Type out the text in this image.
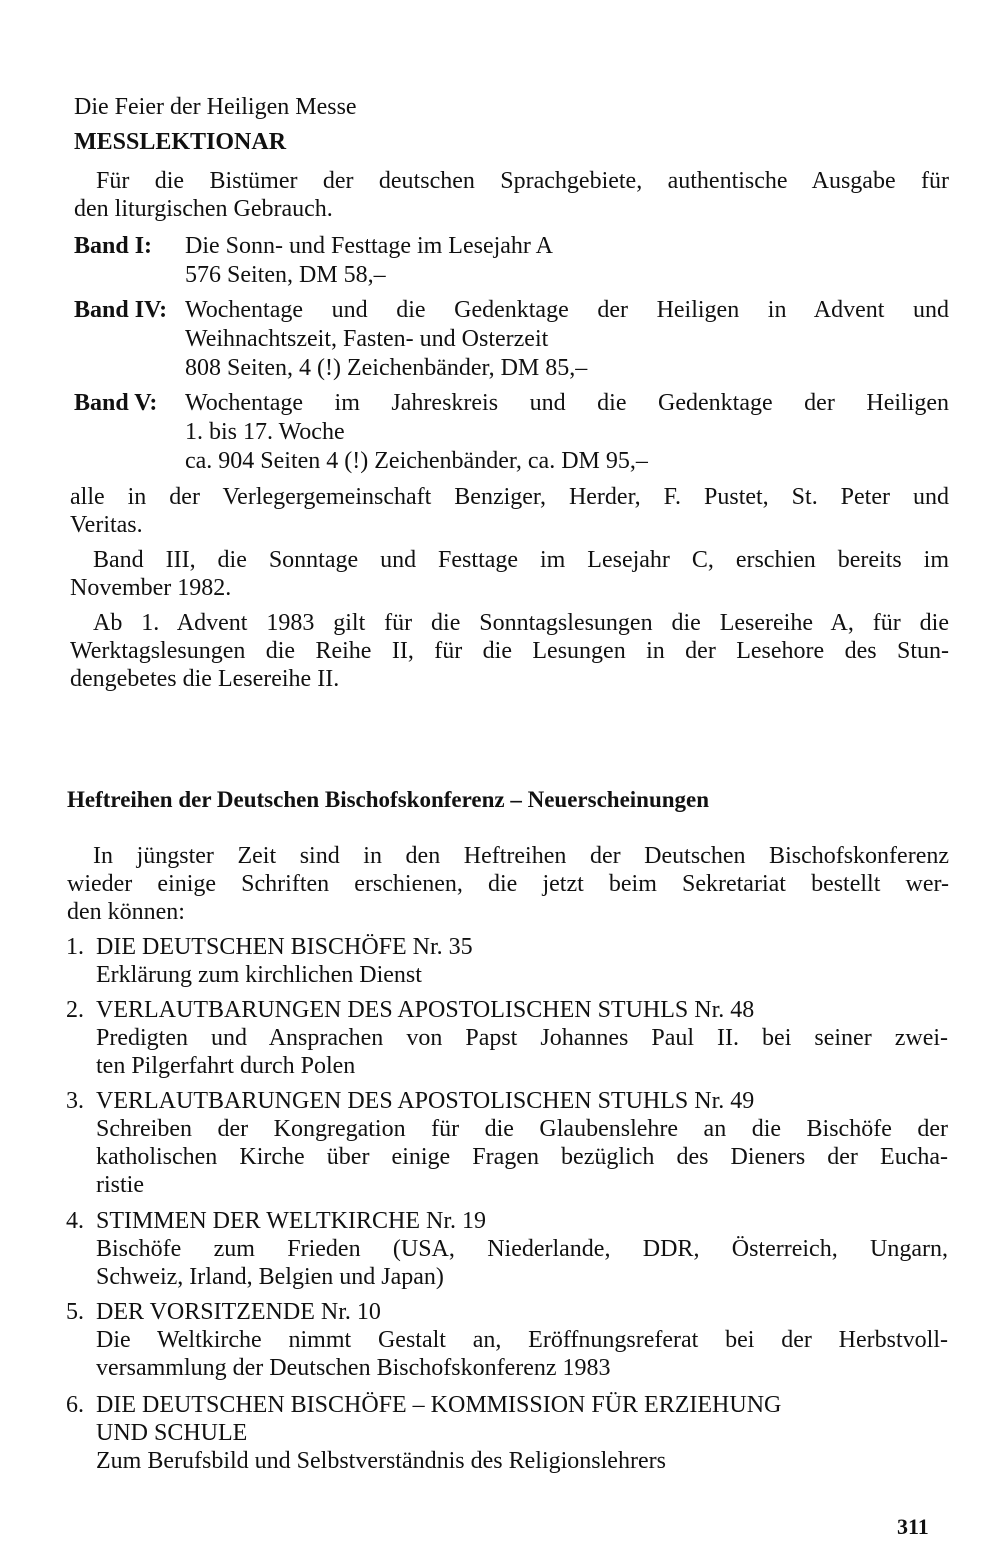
Die Feier der Heiligen Messe
MESSLEKTIONAR
Für die Bistümer der deutschen Sprachgebiete, authentische Ausgabe für
den liturgischen Gebrauch.
Band I: Die Sonn- und Festtage im Lesejahr A
576 Seiten, DM 58,–
Band IV: Wochentage und die Gedenktage der Heiligen in Advent und
Weihnachtszeit, Fasten- und Osterzeit
808 Seiten, 4 (!) Zeichenbänder, DM 85,–
Band V: Wochentage im Jahreskreis und die Gedenktage der Heiligen
1. bis 17. Woche
ca. 904 Seiten 4 (!) Zeichenbänder, ca. DM 95,–
alle in der Verlegergemeinschaft Benziger, Herder, F. Pustet, St. Peter und
Veritas.
Band III, die Sonntage und Festtage im Lesejahr C, erschien bereits im
November 1982.
Ab 1. Advent 1983 gilt für die Sonntagslesungen die Lesereihe A, für die
Werktagslesungen die Reihe II, für die Lesungen in der Lesehore des Stun-
dengebetes die Lesereihe II.
Heftreihen der Deutschen Bischofskonferenz – Neuerscheinungen
In jüngster Zeit sind in den Heftreihen der Deutschen Bischofskonferenz
wieder einige Schriften erschienen, die jetzt beim Sekretariat bestellt wer-
den können:
1. DIE DEUTSCHEN BISCHÖFE Nr. 35
Erklärung zum kirchlichen Dienst
2. VERLAUTBARUNGEN DES APOSTOLISCHEN STUHLS Nr. 48
Predigten und Ansprachen von Papst Johannes Paul II. bei seiner zwei-
ten Pilgerfahrt durch Polen
3. VERLAUTBARUNGEN DES APOSTOLISCHEN STUHLS Nr. 49
Schreiben der Kongregation für die Glaubenslehre an die Bischöfe der
katholischen Kirche über einige Fragen bezüglich des Dieners der Eucha-
ristie
4. STIMMEN DER WELTKIRCHE Nr. 19
Bischöfe zum Frieden (USA, Niederlande, DDR, Österreich, Ungarn,
Schweiz, Irland, Belgien und Japan)
5. DER VORSITZENDE Nr. 10
Die Weltkirche nimmt Gestalt an, Eröffnungsreferat bei der Herbstvoll-
versammlung der Deutschen Bischofskonferenz 1983
6. DIE DEUTSCHEN BISCHÖFE – KOMMISSION FÜR ERZIEHUNG
UND SCHULE
Zum Berufsbild und Selbstverständnis des Religionslehrers
311
